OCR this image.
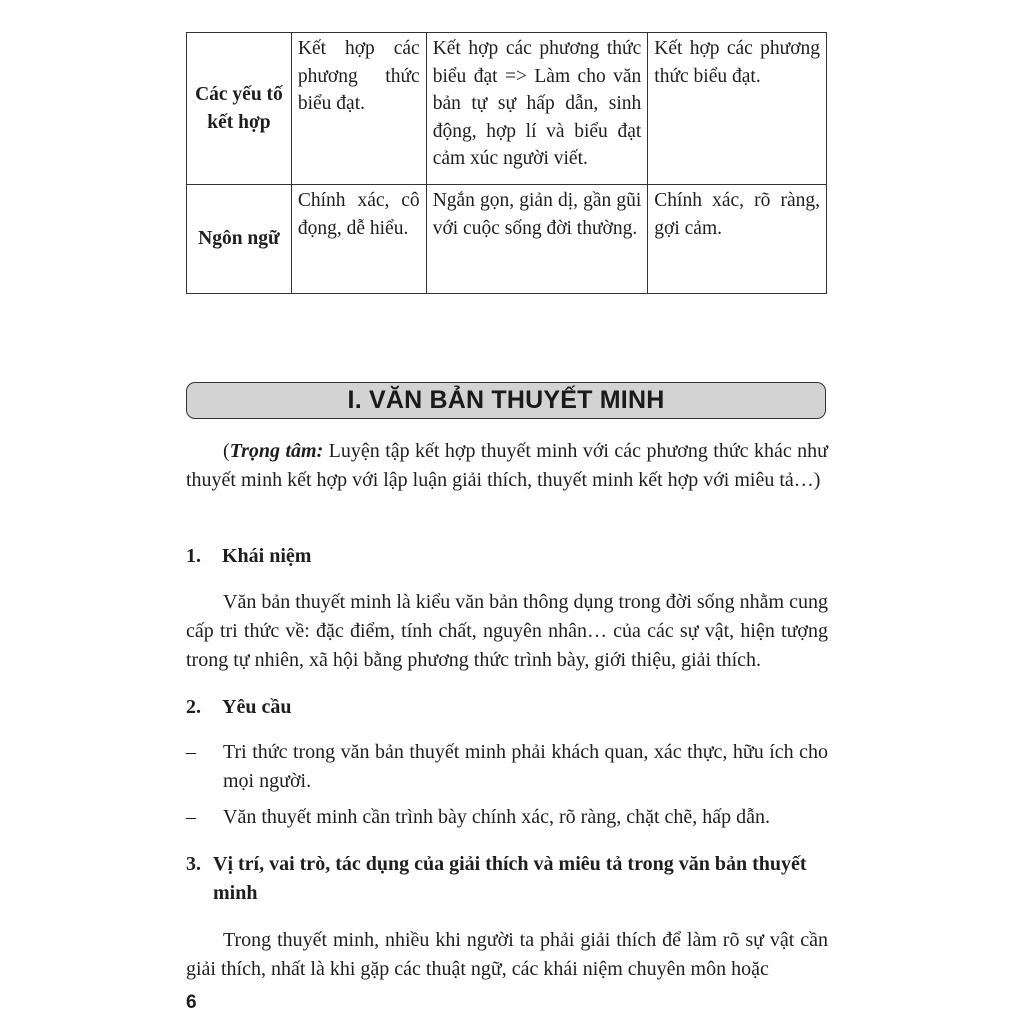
Các yếu tố kết hợp	Kết hợp các phương thức biểu đạt.	Kết hợp các phương thức biểu đạt => Làm cho văn bản tự sự hấp dẫn, sinh động, hợp lí và biểu đạt cảm xúc người viết.	Kết hợp các phương thức biểu đạt.
Ngôn ngữ	Chính xác, cô đọng, dễ hiểu.	Ngắn gọn, giản dị, gần gũi với cuộc sống đời thường.	Chính xác, rõ ràng, gợi cảm.
I. VĂN BẢN THUYẾT MINH
(Trọng tâm: Luyện tập kết hợp thuyết minh với các phương thức khác như thuyết minh kết hợp với lập luận giải thích, thuyết minh kết hợp với miêu tả…)
1. Khái niệm
Văn bản thuyết minh là kiểu văn bản thông dụng trong đời sống nhằm cung cấp tri thức về: đặc điểm, tính chất, nguyên nhân… của các sự vật, hiện tượng trong tự nhiên, xã hội bằng phương thức trình bày, giới thiệu, giải thích.
2. Yêu cầu
–	Tri thức trong văn bản thuyết minh phải khách quan, xác thực, hữu ích cho mọi người.
–	Văn thuyết minh cần trình bày chính xác, rõ ràng, chặt chẽ, hấp dẫn.
3. Vị trí, vai trò, tác dụng của giải thích và miêu tả trong văn bản thuyết minh
Trong thuyết minh, nhiều khi người ta phải giải thích để làm rõ sự vật cần giải thích, nhất là khi gặp các thuật ngữ, các khái niệm chuyên môn hoặc
6
